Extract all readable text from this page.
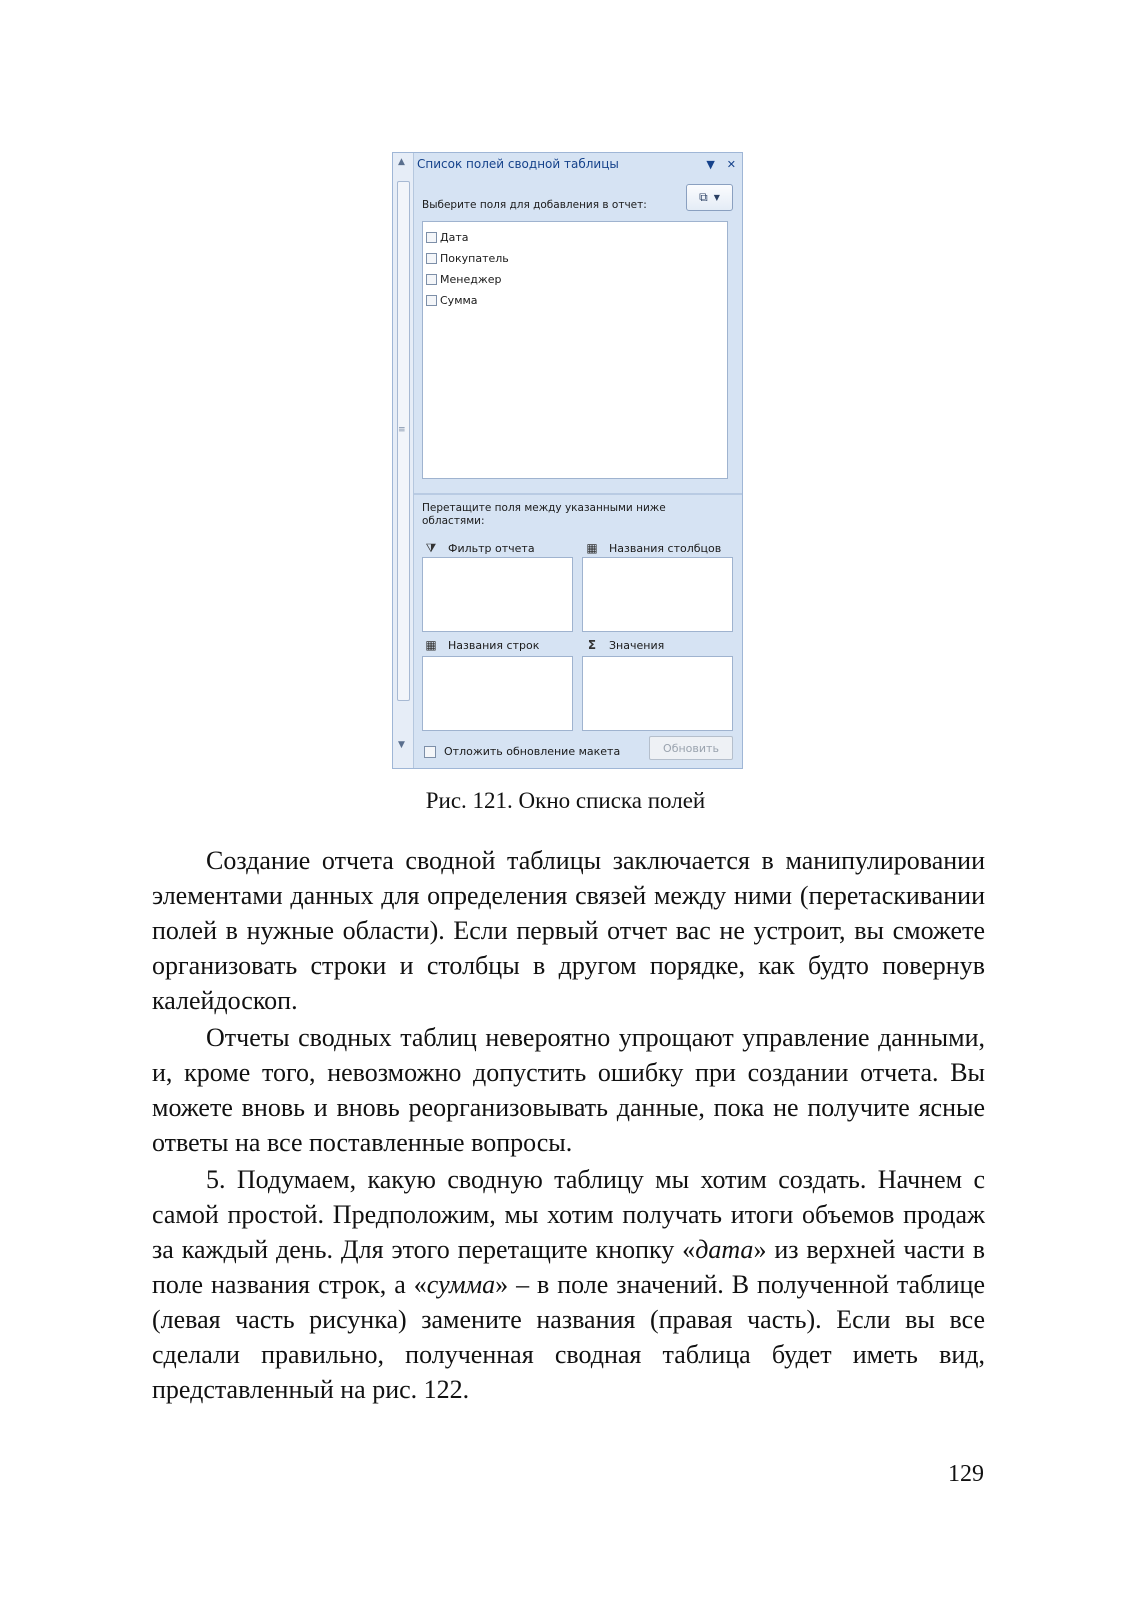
▲
≡
▼
Список полей сводной таблицы	▼ ✕
Выберите поля для добавления в отчет:
⧉ ▼
Дата
Покупатель
Менеджер
Сумма
Перетащите поля между указанными ниже областями:
⧩	Фильтр отчета	▦	Названия столбцов
▦	Названия строк	Σ	Значения
Отложить обновление макета	Обновить
Рис. 121. Окно списка полей

Создание отчета сводной таблицы заключается в манипулировании элементами данных для определения связей между ними (перетаскивании полей в нужные области). Если первый отчет вас не устроит, вы сможете организовать строки и столбцы в другом порядке, как будто повернув калейдоскоп.

Отчеты сводных таблиц невероятно упрощают управление данными, и, кроме того, невозможно допустить ошибку при создании отчета. Вы можете вновь и вновь реорганизовывать данные, пока не получите ясные ответы на все поставленные вопросы.

5. Подумаем, какую сводную таблицу мы хотим создать. Начнем с самой простой. Предположим, мы хотим получать итоги объемов продаж за каждый день. Для этого перетащите кнопку «дата» из верхней части в поле названия строк, а «сумма» – в поле значений. В полученной таблице (левая часть рисунка) замените названия (правая часть). Если вы все сделали правильно, полученная сводная таблица будет иметь вид, представленный на рис. 122.

129
